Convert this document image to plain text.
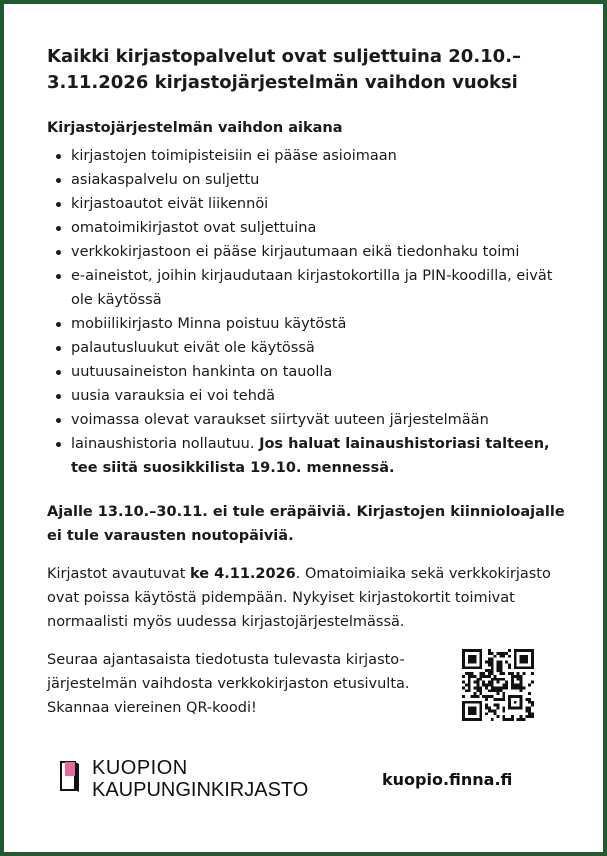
Kaikki kirjastopalvelut ovat suljettuina 20.10.– 3.11.2026 kirjastojärjestelmän vaihdon vuoksi
Kirjastojärjestelmän vaihdon aikana
kirjastojen toimipisteisiin ei pääse asioimaan
asiakaspalvelu on suljettu
kirjastoautot eivät liikennöi
omatoimikirjastot ovat suljettuina
verkkokirjastoon ei pääse kirjautumaan eikä tiedonhaku toimi
e-aineistot, joihin kirjaudutaan kirjastokortilla ja PIN-koodilla, eivät ole käytössä
mobiilikirjasto Minna poistuu käytöstä
palautusluukut eivät ole käytössä
uutuusaineiston hankinta on tauolla
uusia varauksia ei voi tehdä
voimassa olevat varaukset siirtyvät uuteen järjestelmään
lainaushistoria nollautuu. Jos haluat lainaushistoriasi talteen, tee siitä suosikkilista 19.10. mennessä.

Ajalle 13.10.–30.11. ei tule eräpäiviä. Kirjastojen kiinnioloajalle ei tule varausten noutopäiviä.

Kirjastot avautuvat ke 4.11.2026. Omatoimiaika sekä verkkokirjasto ovat poissa käytöstä pidempään. Nykyiset kirjastokortit toimivat normaalisti myös uudessa kirjastojärjestelmässä.

Seuraa ajantasaista tiedotusta tulevasta kirjasto-järjestelmän vaihdosta verkkokirjaston etusivulta. Skannaa viereinen QR-koodi!

KUOPION
KAUPUNGINKIRJASTO	kuopio.finna.fi
